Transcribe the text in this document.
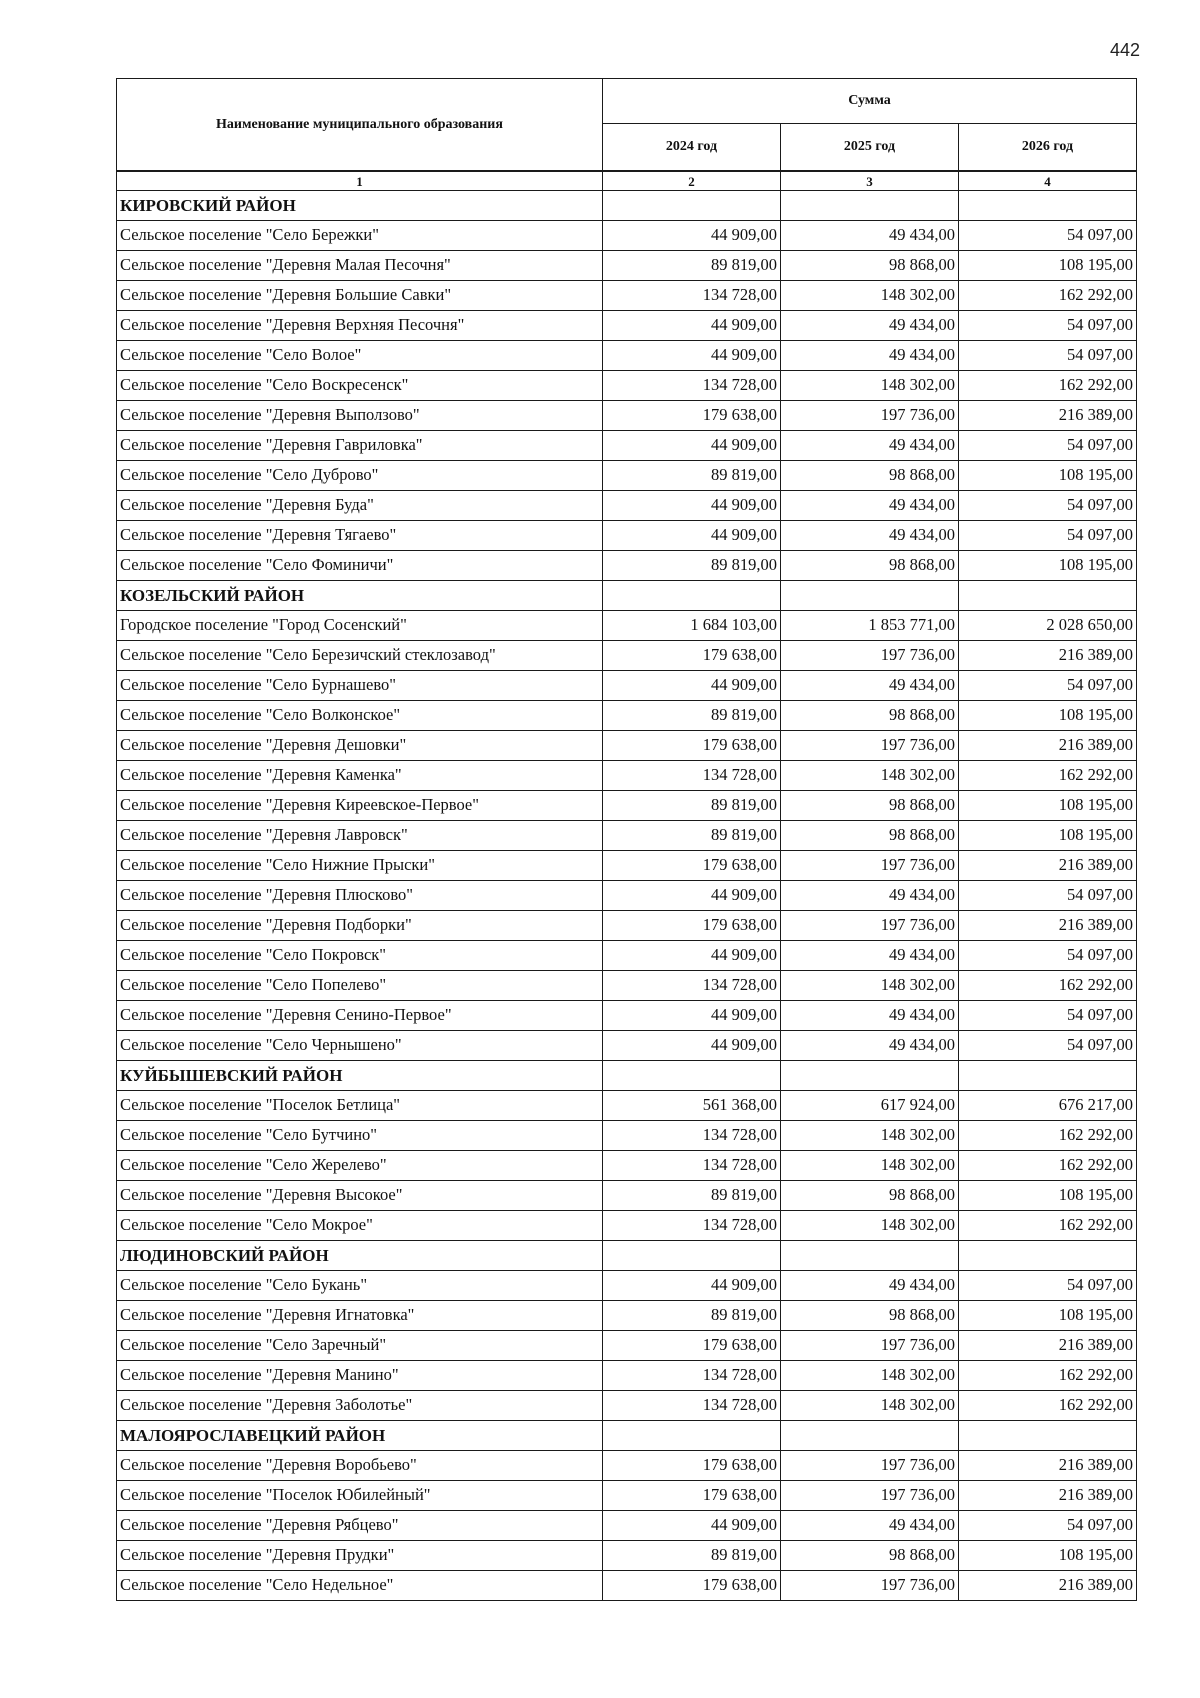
442
Наименование муниципального образования	Сумма		
	2024 год	2025 год	2026 год
1	2	3	4
КИРОВСКИЙ РАЙОН			
Сельское поселение "Село Бережки"	44 909,00	49 434,00	54 097,00
Сельское поселение "Деревня Малая Песочня"	89 819,00	98 868,00	108 195,00
Сельское поселение "Деревня Большие Савки"	134 728,00	148 302,00	162 292,00
Сельское поселение "Деревня Верхняя Песочня"	44 909,00	49 434,00	54 097,00
Сельское поселение "Село Волое"	44 909,00	49 434,00	54 097,00
Сельское поселение "Село Воскресенск"	134 728,00	148 302,00	162 292,00
Сельское поселение "Деревня Выползово"	179 638,00	197 736,00	216 389,00
Сельское поселение "Деревня Гавриловка"	44 909,00	49 434,00	54 097,00
Сельское поселение "Село Дуброво"	89 819,00	98 868,00	108 195,00
Сельское поселение "Деревня Буда"	44 909,00	49 434,00	54 097,00
Сельское поселение "Деревня Тягаево"	44 909,00	49 434,00	54 097,00
Сельское поселение "Село Фоминичи"	89 819,00	98 868,00	108 195,00
КОЗЕЛЬСКИЙ РАЙОН			
Городское поселение "Город Сосенский"	1 684 103,00	1 853 771,00	2 028 650,00
Сельское поселение "Село Березичский стеклозавод"	179 638,00	197 736,00	216 389,00
Сельское поселение "Село Бурнашево"	44 909,00	49 434,00	54 097,00
Сельское поселение "Село Волконское"	89 819,00	98 868,00	108 195,00
Сельское поселение "Деревня Дешовки"	179 638,00	197 736,00	216 389,00
Сельское поселение "Деревня Каменка"	134 728,00	148 302,00	162 292,00
Сельское поселение "Деревня Киреевское-Первое"	89 819,00	98 868,00	108 195,00
Сельское поселение "Деревня Лавровск"	89 819,00	98 868,00	108 195,00
Сельское поселение "Село Нижние Прыски"	179 638,00	197 736,00	216 389,00
Сельское поселение "Деревня Плюсково"	44 909,00	49 434,00	54 097,00
Сельское поселение "Деревня Подборки"	179 638,00	197 736,00	216 389,00
Сельское поселение "Село Покровск"	44 909,00	49 434,00	54 097,00
Сельское поселение "Село Попелево"	134 728,00	148 302,00	162 292,00
Сельское поселение "Деревня Сенино-Первое"	44 909,00	49 434,00	54 097,00
Сельское поселение "Село Чернышено"	44 909,00	49 434,00	54 097,00
КУЙБЫШЕВСКИЙ РАЙОН			
Сельское поселение "Поселок Бетлица"	561 368,00	617 924,00	676 217,00
Сельское поселение "Село Бутчино"	134 728,00	148 302,00	162 292,00
Сельское поселение "Село Жерелево"	134 728,00	148 302,00	162 292,00
Сельское поселение "Деревня Высокое"	89 819,00	98 868,00	108 195,00
Сельское поселение "Село Мокрое"	134 728,00	148 302,00	162 292,00
ЛЮДИНОВСКИЙ РАЙОН			
Сельское поселение "Село Букань"	44 909,00	49 434,00	54 097,00
Сельское поселение "Деревня Игнатовка"	89 819,00	98 868,00	108 195,00
Сельское поселение "Село Заречный"	179 638,00	197 736,00	216 389,00
Сельское поселение "Деревня Манино"	134 728,00	148 302,00	162 292,00
Сельское поселение "Деревня Заболотье"	134 728,00	148 302,00	162 292,00
МАЛОЯРОСЛАВЕЦКИЙ РАЙОН			
Сельское поселение "Деревня Воробьево"	179 638,00	197 736,00	216 389,00
Сельское поселение "Поселок Юбилейный"	179 638,00	197 736,00	216 389,00
Сельское поселение "Деревня Рябцево"	44 909,00	49 434,00	54 097,00
Сельское поселение "Деревня Прудки"	89 819,00	98 868,00	108 195,00
Сельское поселение "Село Недельное"	179 638,00	197 736,00	216 389,00
